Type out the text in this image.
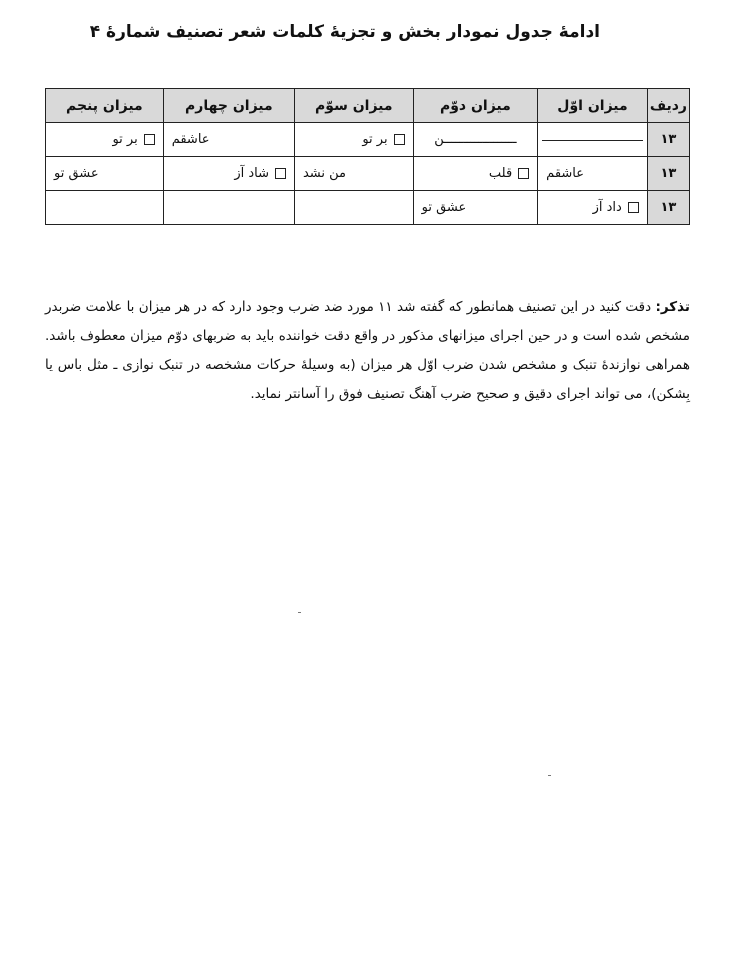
ادامهٔ جدول نمودار بخش و تجزیهٔ کلمات شعر تصنیف شمارهٔ ۴
ردیف	میزان اوّل	میزان دوّم	میزان سوّم	میزان چهارم	میزان پنجم
۱۳		ـــــــــــــــــــن	بر تو	عاشقم	بر تو
۱۳	عاشقم	قلب	من نشد	شاد آز	عشق تو
۱۳	داد آز	عشق تو			
تذکر: دقت کنید در این تصنیف همانطور که گفته شد ۱۱ مورد ضد ضرب وجود دارد که در هر میزان با علامت ضربدر مشخص شده است و در حین اجرای میزانهای مذکور در واقع دقت خواننده باید به ضربهای دوّم میزان معطوف باشد. همراهی نوازندهٔ تنبک و مشخص شدن ضرب اوّل هر میزان (به وسیلهٔ حرکات مشخصه در تنبک نوازی ـ مثل باس یا بِشکن)، می تواند اجرای دقیق و صحیح ضرب آهنگ تصنیف فوق را آسانتر نماید.
